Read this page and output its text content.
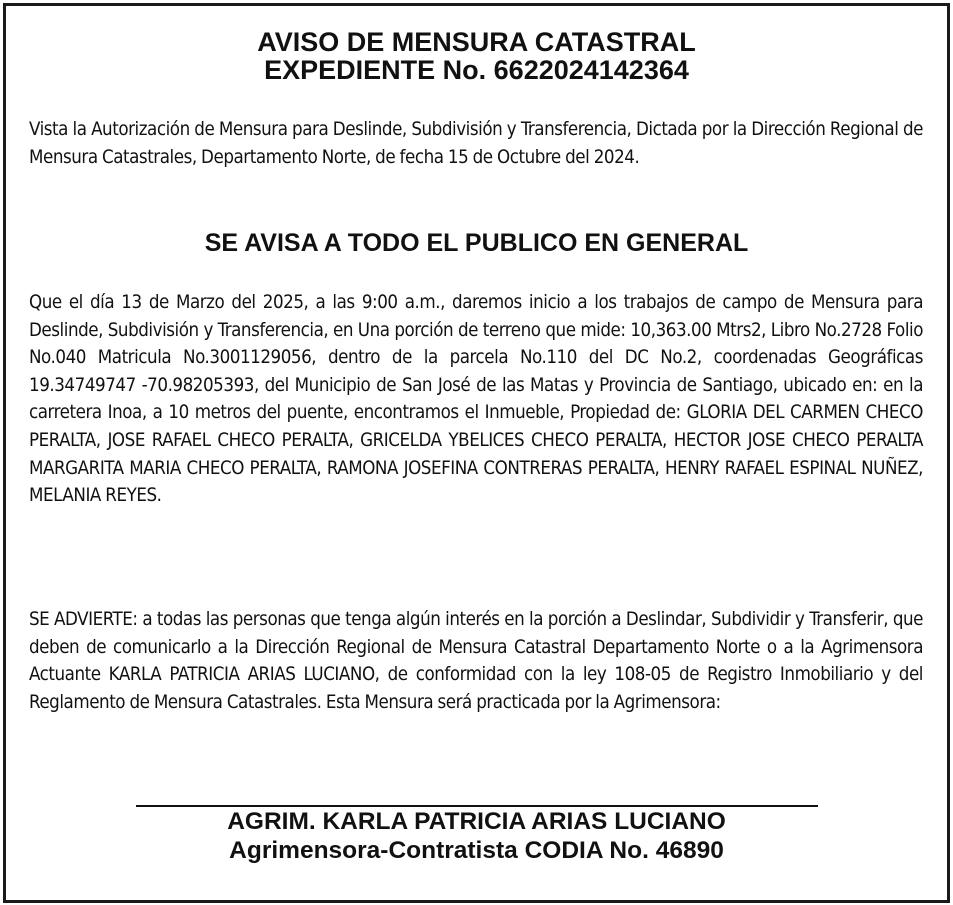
AVISO DE MENSURA CATASTRAL
EXPEDIENTE No. 6622024142364
Vista la Autorización de Mensura para Deslinde, Subdivisión y Transferencia, Dictada por la Dirección Regional de Mensura Catastrales, Departamento Norte, de fecha 15 de Octubre del 2024.
SE AVISA A TODO EL PUBLICO EN GENERAL
Que el día 13 de Marzo del 2025, a las 9:00 a.m., daremos inicio a los trabajos de campo de Mensura para Deslinde, Subdivisión y Transferencia, en Una porción de terreno que mide: 10,363.00 Mtrs2, Libro No.2728 Folio No.040 Matricula No.3001129056, dentro de la parcela No.110 del DC No.2, coordenadas Geográficas 19.34749747 -70.98205393, del Municipio de San José de las Matas y Provincia de Santiago, ubicado en: en la carretera Inoa, a 10 metros del puente, encontramos el Inmueble, Propiedad de: GLORIA DEL CARMEN CHECO PERALTA, JOSE RAFAEL CHECO PERALTA, GRICELDA YBELICES CHECO PERALTA, HECTOR JOSE CHECO PERALTA MARGARITA MARIA CHECO PERALTA, RAMONA JOSEFINA CONTRERAS PERALTA, HENRY RAFAEL ESPINAL NUÑEZ, MELANIA REYES.
SE ADVIERTE: a todas las personas que tenga algún interés en la porción a Deslindar, Subdividir y Transferir, que deben de comunicarlo a la Dirección Regional de Mensura Catastral Departamento Norte o a la Agrimensora Actuante KARLA PATRICIA ARIAS LUCIANO, de conformidad con la ley 108-05 de Registro Inmobiliario y del Reglamento de Mensura Catastrales. Esta Mensura será practicada por la Agrimensora:
AGRIM. KARLA PATRICIA ARIAS LUCIANO
Agrimensora-Contratista CODIA No. 46890
